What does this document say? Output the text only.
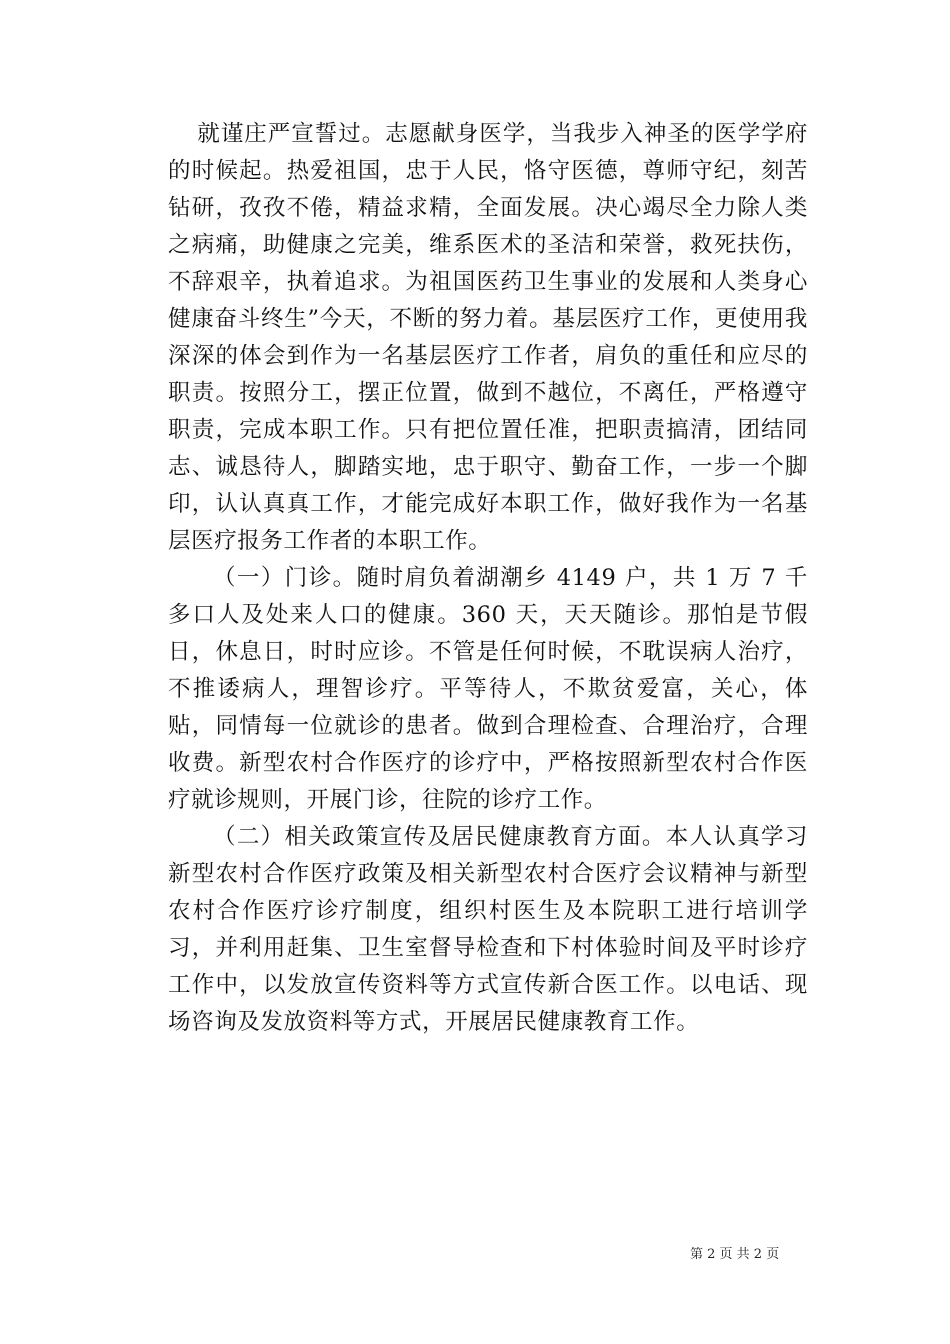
就谨庄严宣誓过。志愿献身医学，当我步入神圣的医学学府的时候起。热爱祖国，忠于人民，恪守医德，尊师守纪，刻苦钻研，孜孜不倦，精益求精，全面发展。决心竭尽全力除人类之病痛，助健康之完美，维系医术的圣洁和荣誉，救死扶伤，不辞艰辛，执着追求。为祖国医药卫生事业的发展和人类身心健康奋斗终生”今天，不断的努力着。基层医疗工作，更使用我深深的体会到作为一名基层医疗工作者，肩负的重任和应尽的职责。按照分工，摆正位置，做到不越位，不离任，严格遵守职责，完成本职工作。只有把位置任准，把职责搞清，团结同志、诚恳待人，脚踏实地，忠于职守、勤奋工作，一步一个脚印，认认真真工作，才能完成好本职工作，做好我作为一名基层医疗报务工作者的本职工作。

（一）门诊。随时肩负着湖潮乡 4149 户，共 1 万 7 千多口人及处来人口的健康。360 天，天天随诊。那怕是节假日，休息日，时时应诊。不管是任何时候，不耽误病人治疗，不推诿病人，理智诊疗。平等待人，不欺贫爱富，关心，体贴，同情每一位就诊的患者。做到合理检查、合理治疗，合理收费。新型农村合作医疗的诊疗中，严格按照新型农村合作医疗就诊规则，开展门诊，往院的诊疗工作。

（二）相关政策宣传及居民健康教育方面。本人认真学习新型农村合作医疗政策及相关新型农村合医疗会议精神与新型农村合作医疗诊疗制度，组织村医生及本院职工进行培训学习，并利用赶集、卫生室督导检查和下村体验时间及平时诊疗工作中，以发放宣传资料等方式宣传新合医工作。以电话、现场咨询及发放资料等方式，开展居民健康教育工作。

第 2 页 共 2 页
